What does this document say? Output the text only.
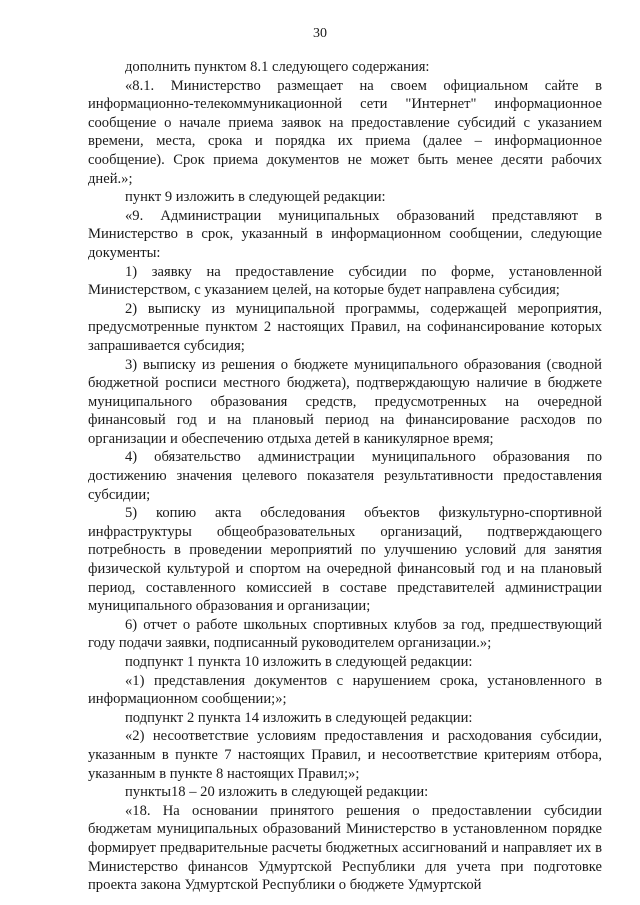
30

дополнить пунктом 8.1 следующего содержания:

«8.1. Министерство размещает на своем официальном сайте в информационно-телекоммуникационной сети "Интернет" информационное сообщение о начале приема заявок на предоставление субсидий с указанием времени, места, срока и порядка их приема (далее – информационное сообщение). Срок приема документов не может быть менее десяти рабочих дней.»;

пункт 9 изложить в следующей редакции:

«9. Администрации муниципальных образований представляют в Министерство в срок, указанный в информационном сообщении, следующие документы:

1) заявку на предоставление субсидии по форме, установленной Министерством, с указанием целей, на которые будет направлена субсидия;

2) выписку из муниципальной программы, содержащей мероприятия, предусмотренные пунктом 2 настоящих Правил, на софинансирование которых запрашивается субсидия;

3) выписку из решения о бюджете муниципального образования (сводной бюджетной росписи местного бюджета), подтверждающую наличие в бюджете муниципального образования средств, предусмотренных на очередной финансовый год и на плановый период на финансирование расходов по организации и обеспечению отдыха детей в каникулярное время;

4) обязательство администрации муниципального образования по достижению значения целевого показателя результативности предоставления субсидии;

5) копию акта обследования объектов физкультурно-спортивной инфраструктуры общеобразовательных организаций, подтверждающего потребность в проведении мероприятий по улучшению условий для занятия физической культурой и спортом на очередной финансовый год и на плановый период, составленного комиссией в составе представителей администрации муниципального образования и организации;

6) отчет о работе школьных спортивных клубов за год, предшествующий году подачи заявки, подписанный руководителем организации.»;

подпункт 1 пункта 10 изложить в следующей редакции:

«1) представления документов с нарушением срока, установленного в информационном сообщении;»;

подпункт 2 пункта 14 изложить в следующей редакции:

«2) несоответствие условиям предоставления и расходования субсидии, указанным в пункте 7 настоящих Правил, и несоответствие критериям отбора, указанным в пункте 8 настоящих Правил;»;

пункты18 – 20 изложить в следующей редакции:

«18. На основании принятого решения о предоставлении субсидии бюджетам муниципальных образований Министерство в установленном порядке формирует предварительные расчеты бюджетных ассигнований и направляет их в Министерство финансов Удмуртской Республики для учета при подготовке проекта закона Удмуртской Республики о бюджете Удмуртской
